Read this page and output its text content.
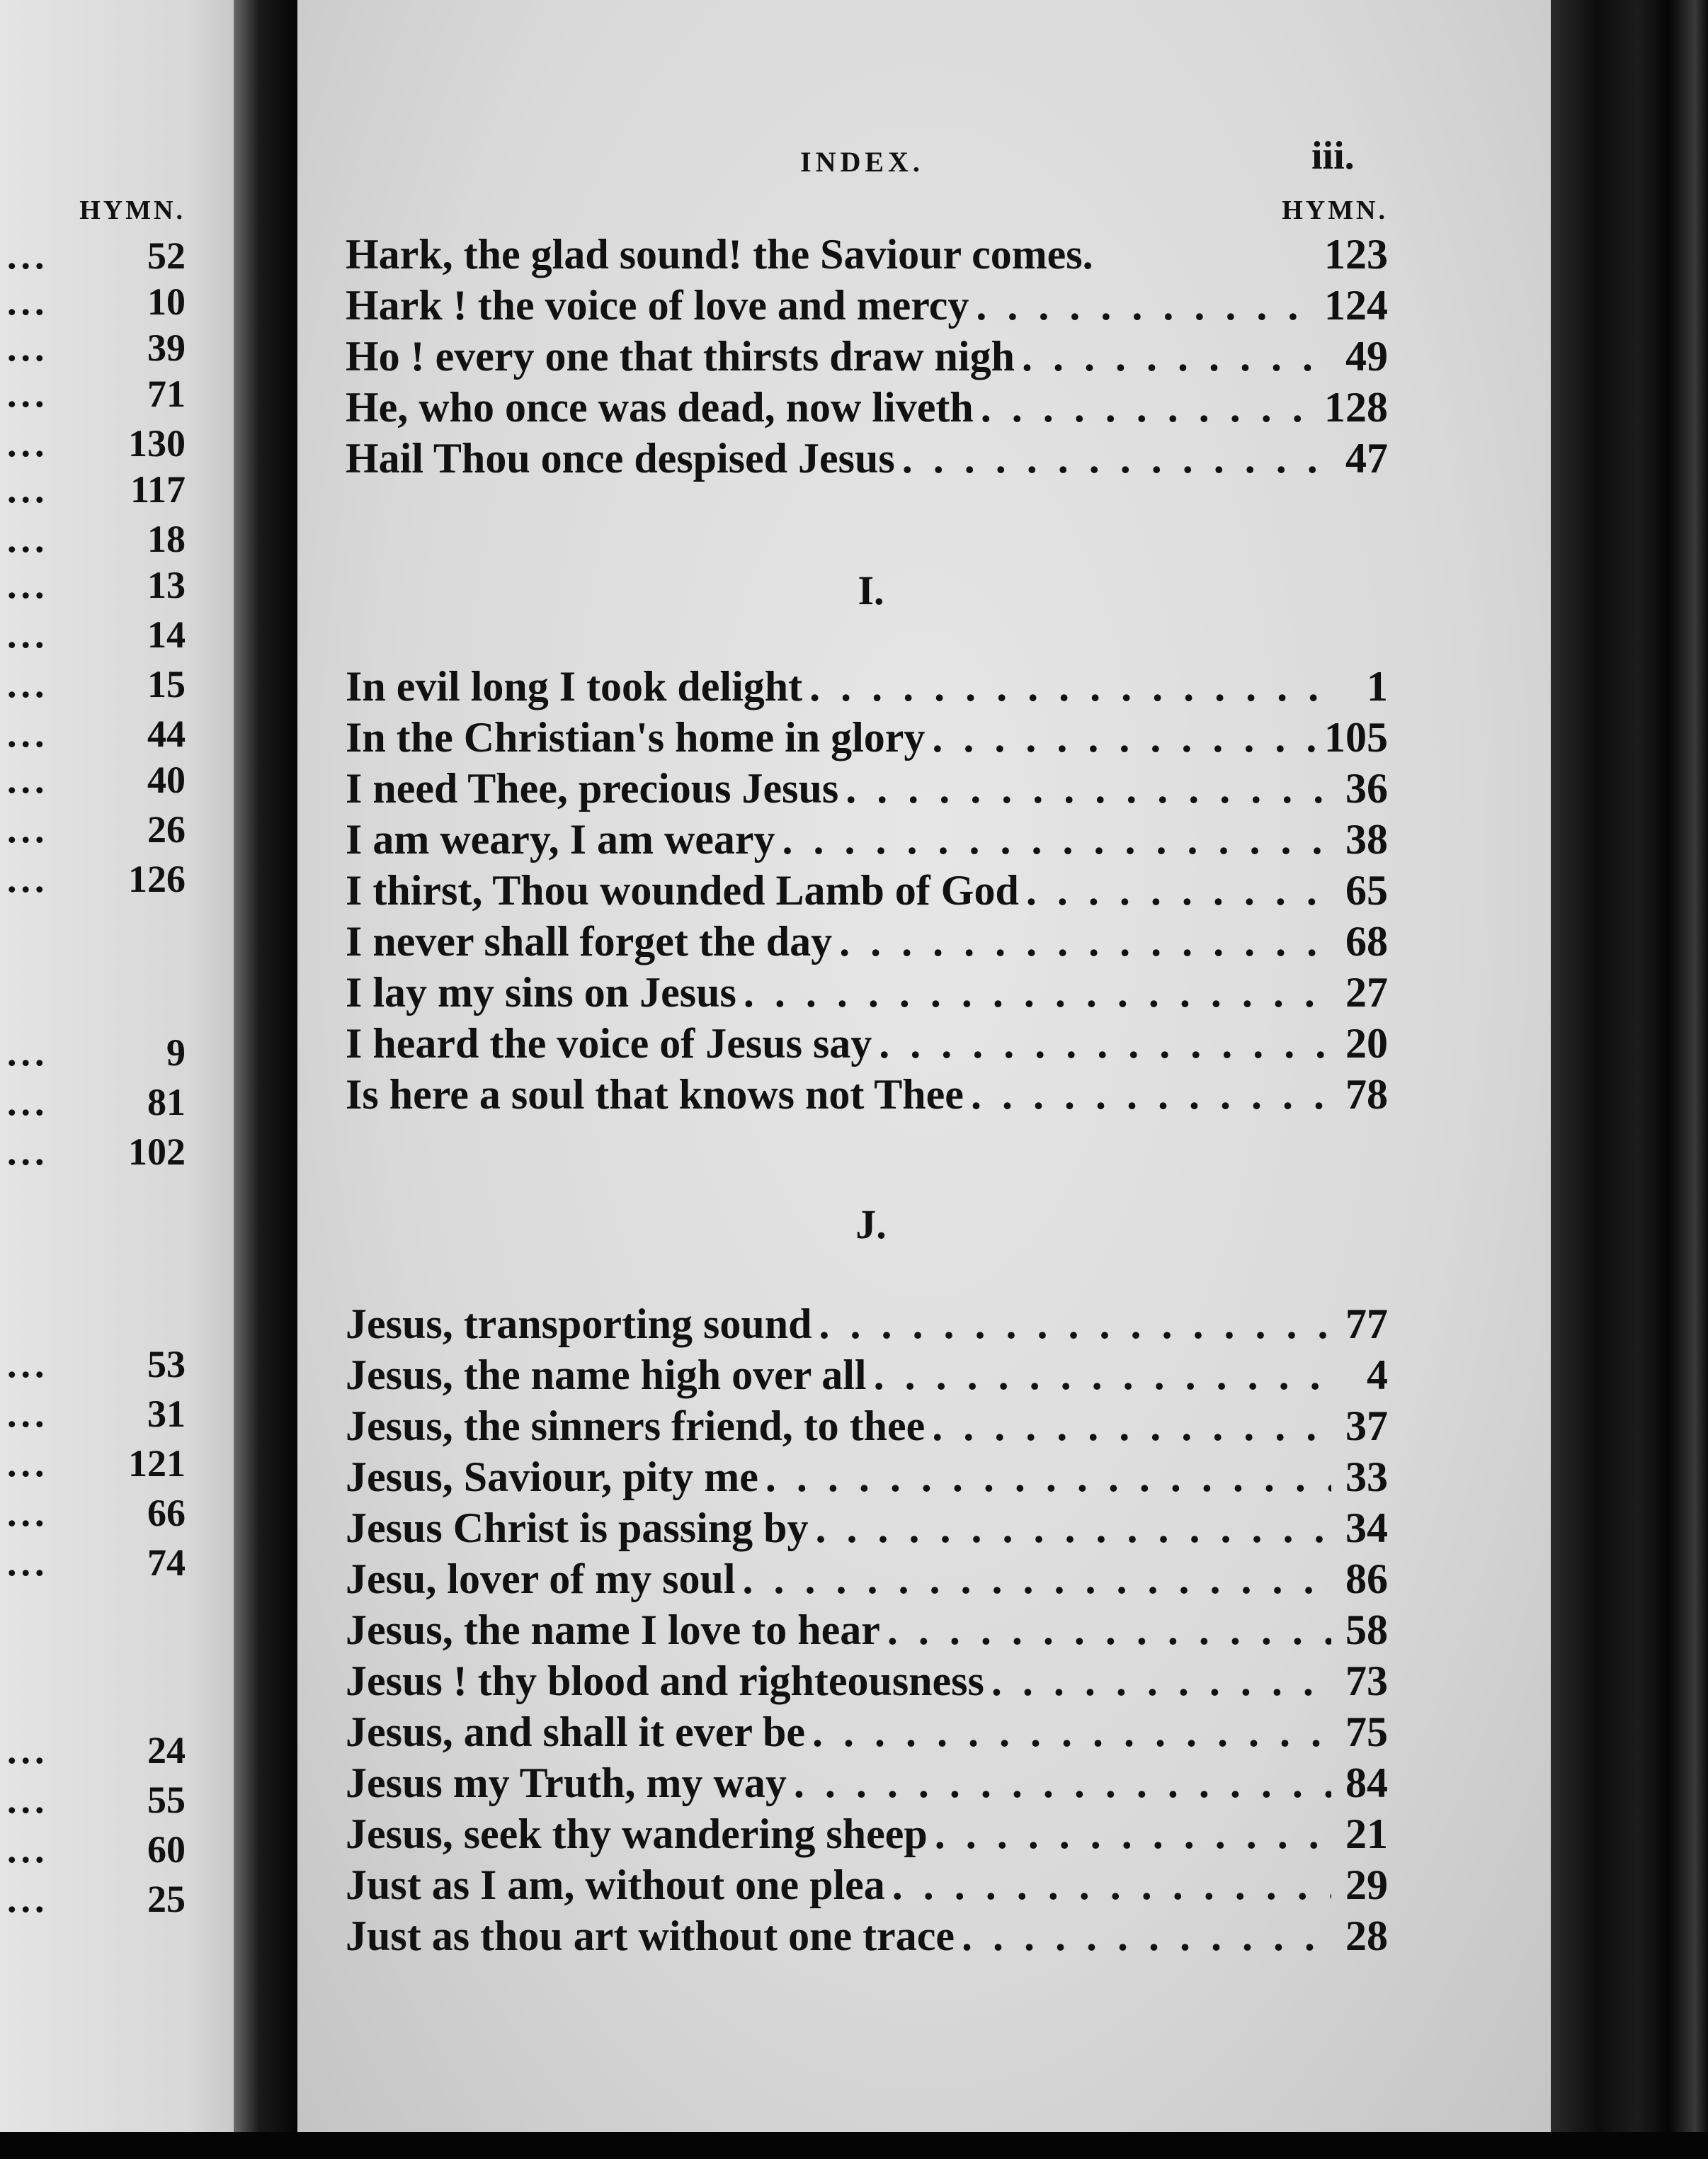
HYMN.
...	52
...	10
...	39
...	71
... 130
... 117
...	18
...	13
...	14
...	15
...	44
...	40
...	26
... 126
...	9
...	81
... 102
...	53
...	31
... 121
...	66
...	74
...	24
...	55
...	60
...	25
INDEX.	iii.
HYMN.
Hark, the glad sound! the Saviour comes.	123
Hark ! the voice of love and mercy . . .	124
Ho ! every one that thirsts draw nigh . . .	49
He, who once was dead, now liveth . . .	128
Hail Thou once despised Jesus . . .	47
I.
In evil long I took delight . . .	1
In the Christian's home in glory . . .	105
I need Thee, precious Jesus . . .	36
I am weary, I am weary . . .	38
I thirst, Thou wounded Lamb of God . . .	65
I never shall forget the day . . .	68
I lay my sins on Jesus . . .	27
I heard the voice of Jesus say . . .	20
Is here a soul that knows not Thee . . .	78
J.
Jesus, transporting sound . . .	77
Jesus, the name high over all . . .	4
Jesus, the sinners friend, to thee . . .	37
Jesus, Saviour, pity me . . .	33
Jesus Christ is passing by . . .	34
Jesu, lover of my soul . . .	86
Jesus, the name I love to hear . . .	58
Jesus ! thy blood and righteousness . . .	73
Jesus, and shall it ever be . . .	75
Jesus my Truth, my way . . .	84
Jesus, seek thy wandering sheep . . .	21
Just as I am, without one plea . . .	29
Just as thou art without one trace . . .	28
